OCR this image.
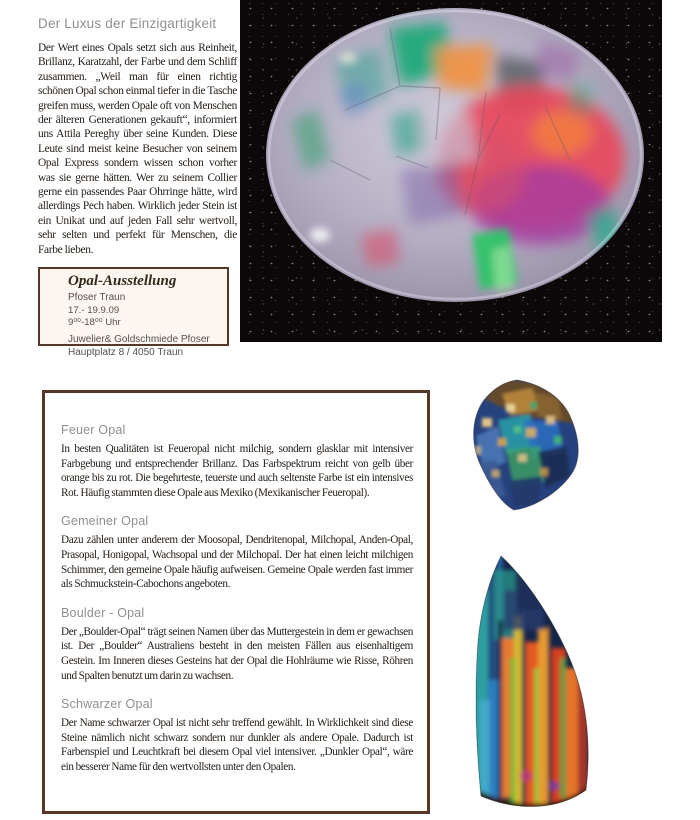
Der Luxus der Einzigartigkeit

Der Wert eines Opals setzt sich aus Reinheit, Brillanz, Karatzahl, der Farbe und dem Schliff zusammen. „Weil man für einen richtig schönen Opal schon einmal tiefer in die Tasche greifen muss, werden Opale oft von Menschen der älteren Generationen gekauft“, informiert uns Attila Pereghy über seine Kunden. Diese Leute sind meist keine Besucher von seinem Opal Express sondern wissen schon vorher was sie gerne hätten. Wer zu seinem Collier gerne ein passendes Paar Ohrringe hätte, wird allerdings Pech haben. Wirklich jeder Stein ist ein Unikat und auf jeden Fall sehr wertvoll, sehr selten und perfekt für Menschen, die Farbe lieben.

Opal-Ausstellung
Pfoser Traun
17.- 19.9.09
9⁰⁰-18⁰⁰ Uhr
Juwelier& Goldschmiede Pfoser
Hauptplatz 8 / 4050 Traun
Feuer Opal

In besten Qualitäten ist Feueropal nicht milchig, sondern glasklar mit intensiver Farbgebung und entsprechender Brillanz. Das Farbspektrum reicht von gelb über orange bis zu rot. Die begehrteste, teuerste und auch seltenste Farbe ist ein intensives Rot. Häufig stammten diese Opale aus Mexiko (Mexikanischer Feueropal).

Gemeiner Opal

Dazu zählen unter anderem der Moosopal, Dendritenopal, Milchopal, Anden-Opal, Prasopal, Honigopal, Wachsopal und der Milchopal. Der hat einen leicht milchigen Schimmer, den gemeine Opale häufig aufweisen. Gemeine Opale werden fast immer als Schmuckstein-Cabochons angeboten.

Boulder - Opal

Der „Boulder-Opal“ trägt seinen Namen über das Muttergestein in dem er gewachsen ist. Der „Boulder“ Australiens besteht in den meisten Fällen aus eisenhaltigem Gestein. Im Inneren dieses Gesteins hat der Opal die Hohlräume wie Risse, Röhren und Spalten benutzt um darin zu wachsen.

Schwarzer Opal

Der Name schwarzer Opal ist nicht sehr treffend gewählt. In Wirklichkeit sind diese Steine nämlich nicht schwarz sondern nur dunkler als andere Opale. Dadurch ist Farbenspiel und Leuchtkraft bei diesem Opal viel intensiver. „Dunkler Opal“, wäre ein besserer Name für den wertvollsten unter den Opalen.
